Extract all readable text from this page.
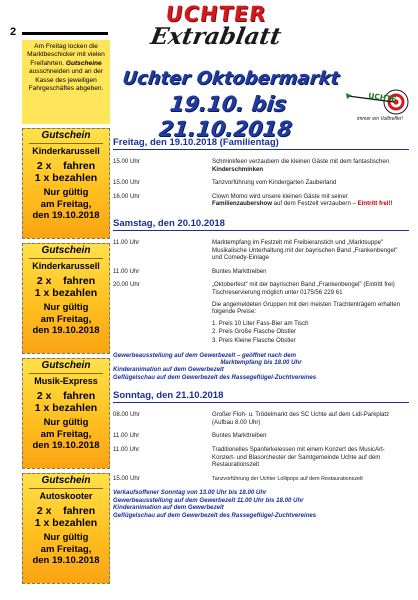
2
UCHTER
Extrablatt
Am Freitag locken die Marktbeschicker mit vielen Freifahrten. Gutscheine ausschneiden und an der Kasse des jeweiligen Fahrgeschäftes abgeben.
Gutschein
Kinderkarussell
2 x    fahren
1 x bezahlen
Nur gültig
am Freitag,
den 19.10.2018
Gutschein
Kinderkarussell
2 x    fahren
1 x bezahlen
Nur gültig
am Freitag,
den 19.10.2018
Gutschein
Musik-Express
2 x    fahren
1 x bezahlen
Nur gültig
am Freitag,
den 19.10.2018
Gutschein
Autoskooter
2 x    fahren
1 x bezahlen
Nur gültig
am Freitag,
den 19.10.2018
Uchter Oktobermarkt
19.10. bis 21.10.2018
UCHTE
immer ein Volltreffer!
Freitag, den 19.10.2018 (Familientag)
15.00 Uhr	Schminkfeen verzaubern die kleinen Gäste mit dem fantastischen Kinderschminken
15.00 Uhr	Tanzvorführung vom Kindergarten Zauberland
16.00 Uhr	Clown Momo wird unsere kleinen Gäste mit seiner Familienzaubershow auf dem Festzelt verzaubern – Eintritt frei!!
Samstag, den 20.10.2018
11.00 Uhr	Marktempfang im Festzelt mit Freibieranstich und „Marktsuppe"
Musikalische Unterhaltung mit der bayrischen Band „Frankenbengel" und Comedy-Einlage
11.00 Uhr	Buntes Markttreiben
20.00 Uhr	„Oktoberfest" mit der bayrischen Band „Frankenbengel" (Eintritt frei)
Tischreservierung möglich unter 0175/56 229 61
Die angemeldeten Gruppen mit den meisten Trachtenträgern erhalten folgende Preise:
1. Preis 10 Liter Fass-Bier am Tisch
2. Preis Große Flasche Obstler
3. Preis Kleine Flasche Obstler
Gewerbeausstellung auf dem Gewerbezelt – geöffnet nach dem
Marktempfang bis 18.00 Uhr
Kinderanimation auf dem Gewerbezelt
Geflügelschau auf dem Gewerbezelt des Rassegeflügel-Zuchtvereines
Sonntag, den 21.10.2018
08.00 Uhr	Großer Floh- u. Trödelmarkt des SC Uchte auf dem Lidl-Parkplatz (Aufbau 8.00 Uhr)
11.00 Uhr	Buntes Markttreiben
11.00 Uhr	Traditionelles Spanferkelessen mit einem Konzert des MusicArt- Konzert- und Blasorchester der Samtgemeinde Uchte auf dem Restaurationszelt
15.00 Uhr	Tanzvorführung der Uchter Lollipops auf dem Restaurationszelt
Verkaufsoffener Sonntag von 13.00 Uhr bis 18.00 Uhr
Gewerbeausstellung auf dem Gewerbezelt 11.00 Uhr bis 18.00 Uhr
Kinderanimation auf dem Gewerbezelt
Geflügelschau auf dem Gewerbezelt des Rassegeflügel-Zuchtvereines
